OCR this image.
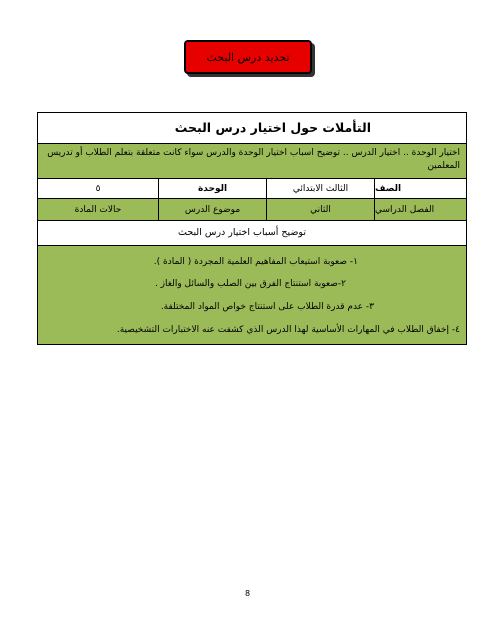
تحديد درس البحث
التأملات حول اختيار درس البحث
اختيار الوحدة .. اختيار الدرس .. توضيح اسباب اختيار الوحدة والدرس سواء كانت متعلقة بتعلم الطلاب أو تدريس المعلمين
الصف
الثالث الابتدائي
الوحدة
٥
الفصل الدراسي
الثاني
موضوع الدرس
حالات المادة
توضيح أسباب اختيار درس البحث
١- صعوبة استيعاب المفاهيم العلمية المجردة ( المادة ).
٢-صعوبة استنتاج الفرق بين الصلب والسائل والغاز .
٣- عدم قدرة الطلاب على استنتاج خواص المواد المختلفة.
٤- إخفاق الطلاب في المهارات الأساسية لهذا الدرس الذي كشفت عنه الاختبارات التشخيصية.
8
